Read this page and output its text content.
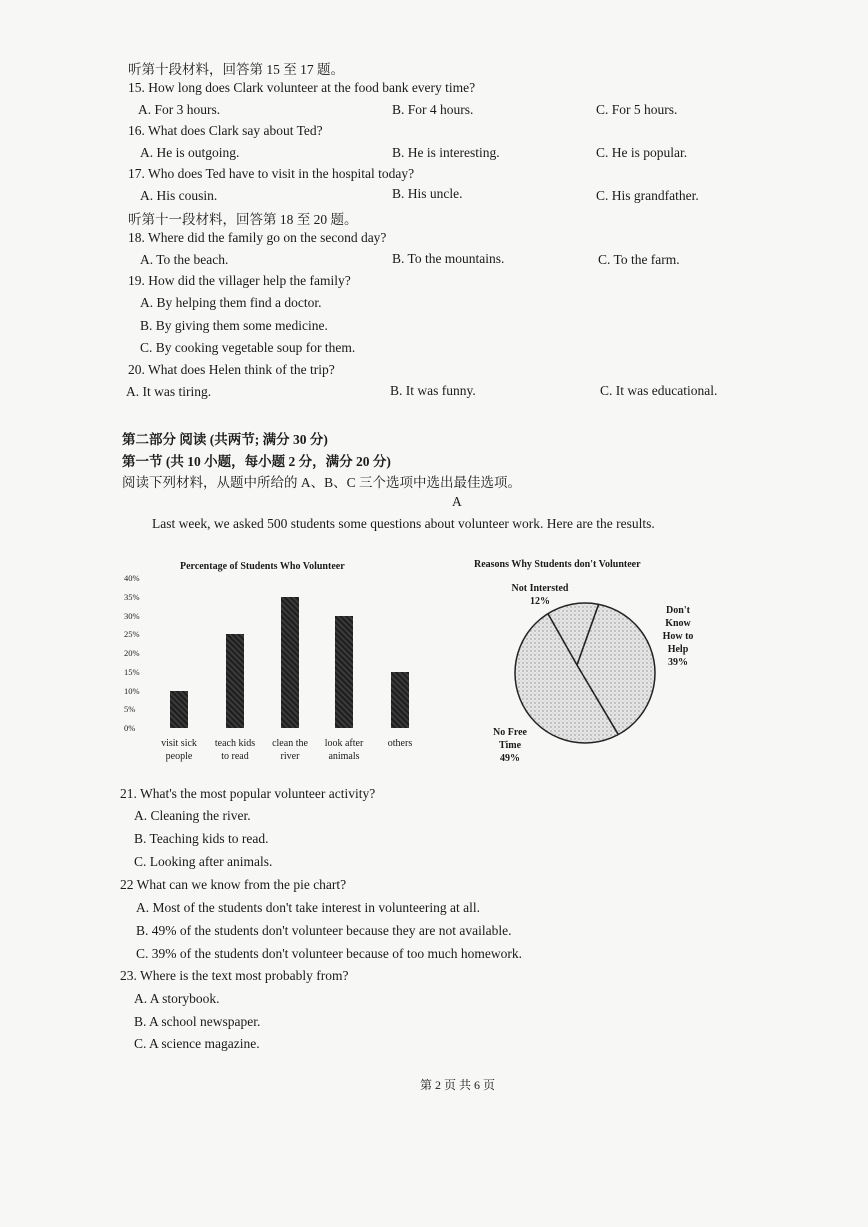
听第十段材料，回答第 15 至 17 题。
15. How long does Clark volunteer at the food bank every time?
A. For 3 hours.	B. For 4 hours.	C. For 5 hours.
16. What does Clark say about Ted?
A. He is outgoing.	B. He is interesting.	C. He is popular.
17. Who does Ted have to visit in the hospital today?
A. His cousin.	B. His uncle.	C. His grandfather.
听第十一段材料，回答第 18 至 20 题。
18. Where did the family go on the second day?
A. To the beach.	B. To the mountains.	C. To the farm.
19. How did the villager help the family?
A. By helping them find a doctor.
B. By giving them some medicine.
C. By cooking vegetable soup for them.
20. What does Helen think of the trip?
A. It was tiring.	B. It was funny.	C. It was educational.
第二部分 阅读 (共两节; 满分 30 分)
第一节 (共 10 小题，每小题 2 分，满分 20 分)
阅读下列材料，从题中所给的 A、B、C 三个选项中选出最佳选项。
A
Last week, we asked 500 students some questions about volunteer work. Here are the results.
Percentage of Students Who Volunteer
40%
35%
30%
25%
20%
15%
10%
5%
0%
visit sick
people
teach kids
to read
clean the
river
look after
animals
others

Reasons Why Students don't Volunteer
Not Intersted
12%
Don't
Know
How to
Help
39%
No Free
Time
49%
21. What's the most popular volunteer activity?
A. Cleaning the river.
B. Teaching kids to read.
C. Looking after animals.
22 What can we know from the pie chart?
A. Most of the students don't take interest in volunteering at all.
B. 49% of the students don't volunteer because they are not available.
C. 39% of the students don't volunteer because of too much homework.
23. Where is the text most probably from?
A. A storybook.
B. A school newspaper.
C. A science magazine.
第 2 页 共 6 页
